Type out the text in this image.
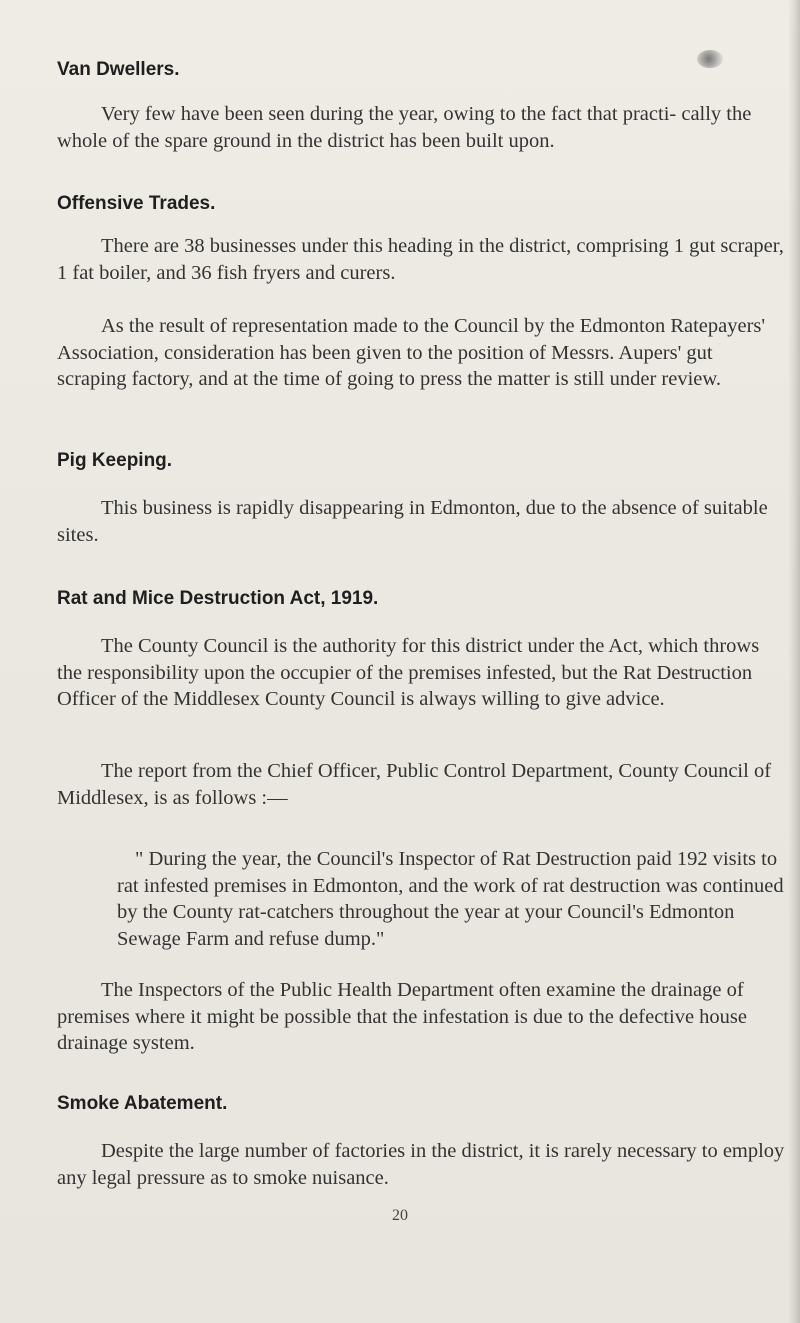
Van Dwellers.

Very few have been seen during the year, owing to the fact that practi- cally the whole of the spare ground in the district has been built upon.

Offensive Trades.

There are 38 businesses under this heading in the district, comprising 1 gut scraper, 1 fat boiler, and 36 fish fryers and curers.

As the result of representation made to the Council by the Edmonton Ratepayers' Association, consideration has been given to the position of Messrs. Aupers' gut scraping factory, and at the time of going to press the matter is still under review.

Pig Keeping.

This business is rapidly disappearing in Edmonton, due to the absence of suitable sites.

Rat and Mice Destruction Act, 1919.

The County Council is the authority for this district under the Act, which throws the responsibility upon the occupier of the premises infested, but the Rat Destruction Officer of the Middlesex County Council is always willing to give advice.

The report from the Chief Officer, Public Control Department, County Council of Middlesex, is as follows :—

" During the year, the Council's Inspector of Rat Destruction paid 192 visits to rat infested premises in Edmonton, and the work of rat destruction was continued by the County rat-catchers throughout the year at your Council's Edmonton Sewage Farm and refuse dump."

The Inspectors of the Public Health Department often examine the drainage of premises where it might be possible that the infestation is due to the defective house drainage system.

Smoke Abatement.

Despite the large number of factories in the district, it is rarely necessary to employ any legal pressure as to smoke nuisance.

20
